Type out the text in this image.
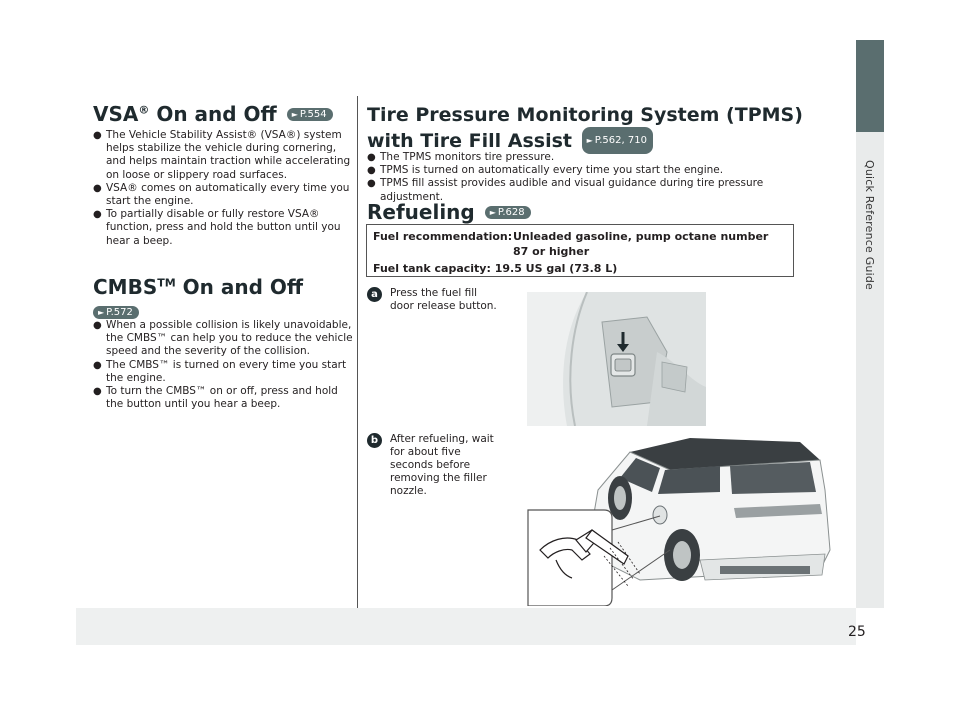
Quick Reference Guide
25
VSA® On and Off ► P.554
● The Vehicle Stability Assist® (VSA®) system helps stabilize the vehicle during cornering, and helps maintain traction while accelerating on loose or slippery road surfaces.
● VSA® comes on automatically every time you start the engine.
● To partially disable or fully restore VSA® function, press and hold the button until you hear a beep.
CMBS™ On and Off
► P.572
● When a possible collision is likely unavoidable, the CMBS™ can help you to reduce the vehicle speed and the severity of the collision.
● The CMBS™ is turned on every time you start the engine.
● To turn the CMBS™ on or off, press and hold the button until you hear a beep.
Tire Pressure Monitoring System (TPMS) with Tire Fill Assist ► P.562, 710
● The TPMS monitors tire pressure.
● TPMS is turned on automatically every time you start the engine.
● TPMS fill assist provides audible and visual guidance during tire pressure adjustment.
Refueling ► P.628
Fuel recommendation: Unleaded gasoline, pump octane number 87 or higher
Fuel tank capacity: 19.5 US gal (73.8 L)
a	Press the fuel fill door release button.
b	After refueling, wait for about five seconds before removing the filler nozzle.
